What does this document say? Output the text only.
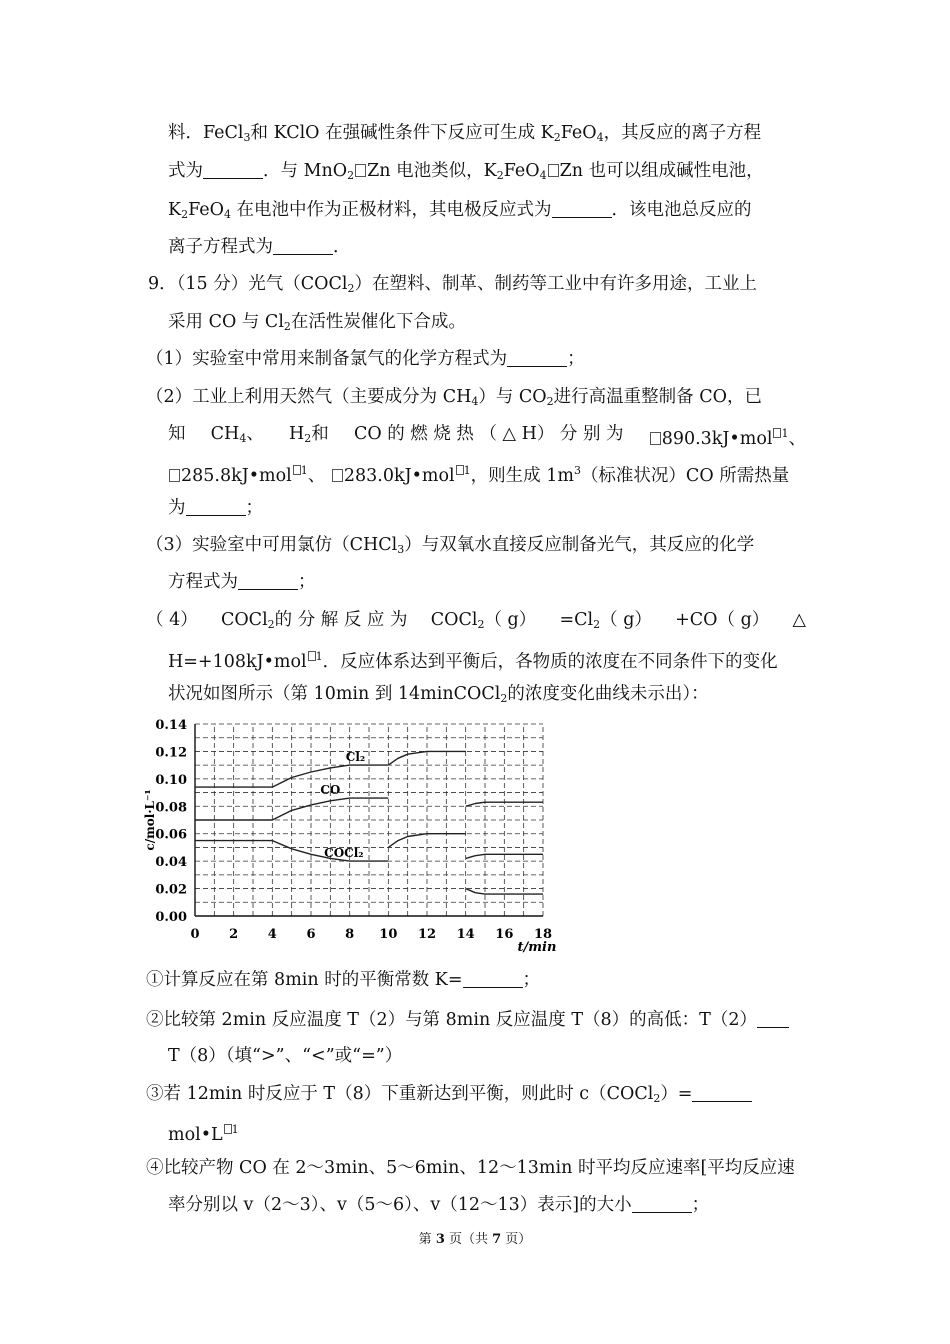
料．FeCl$_3$和 KClO 在强碱性条件下反应可生成 $K_2FeO_4$，其反应的离子方程
式为	．与 MnO$_2$ Zn 电池类似，$K_2FeO_4$ Zn 也可以组成碱性电池，
$K_2FeO_4$ 在电池中作为正极材料，其电极反应式为	．该电池总反应的
离子方程式为	．
9．（15 分）光气（COCl$_2$）在塑料、制革、制药等工业中有许多用途，工业上
采用 CO 与 $Cl_2$在活性炭催化下合成。
（1）实验室中常用来制备氯气的化学方程式为	；
（2）工业上利用天然气（主要成分为 $CH_4$）与 $CO_2$进行高温重整制备 CO，已
知 $CH_4$、 $H_2$和 CO 的 燃 烧 热 （ △ H） 分 别 为	890.3kJ•mol $^1$、
285.8kJ•mol $^1$、 283.0kJ•mol $^1$，则生成 $1m^3$（标准状况）CO 所需热量
为	；
（3）实验室中可用氯仿（CHCl$_3$）与双氧水直接反应制备光气，其反应的化学
方程式为	；
（ 4） COCl$_2$的 分 解 反 应 为 COCl$_2$（ $g) =Cl_2$（ g） +CO（ g） △
H=+108kJ•mol $^1$．反应体系达到平衡后，各物质的浓度在不同条件下的变化
状况如图所示（第 10min 到 14minCOCl$_2$的浓度变化曲线未示出）：
0.00
0.02
0.04
0.06
0.08
0.10
0.12
0.14
0 2 4 6 8 10 12 14 16 18
t/min
c/mol·L⁻¹
Cl₂
CO
COCl₂
①计算反应在第 8min 时的平衡常数 K=	；
②比较第 2min 反应温度 T（2）与第 8min 反应温度 T（8）的高低：T（2）
T（8）（填“>”、“<”或“=”）
③若 12min 时反应于 T（8）下重新达到平衡，则此时 c（COCl$_2$）=
mol•L $^1$
④比较产物 CO 在 2～3min、5～6min、12～13min 时平均反应速率[平均反应速
率分别以 v（2～3）、v（5～6）、v（12～13）表示]的大小	；
第 3 页（共 7 页）
